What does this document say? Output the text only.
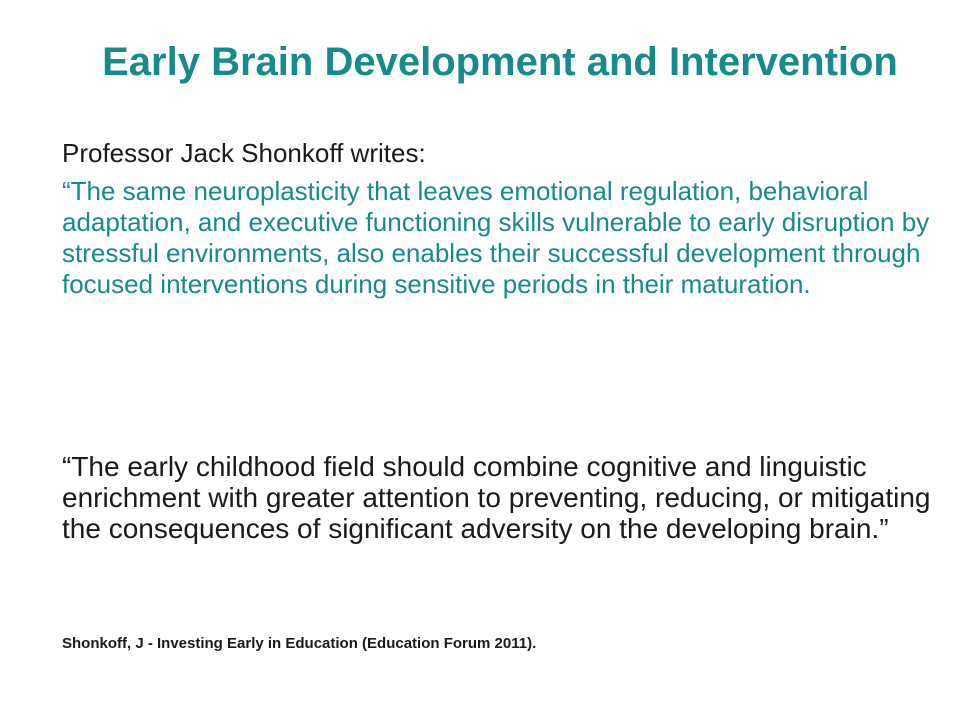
Early Brain Development and Intervention

Professor Jack Shonkoff writes:

“The same neuroplasticity that leaves emotional regulation, behavioral adaptation, and executive functioning skills vulnerable to early disruption by stressful environments, also enables their successful development through focused interventions during sensitive periods in their maturation.

“The early childhood field should combine cognitive and linguistic enrichment with greater attention to preventing, reducing, or mitigating the consequences of significant adversity on the developing brain.”

Shonkoff, J - Investing Early in Education (Education Forum 2011).
